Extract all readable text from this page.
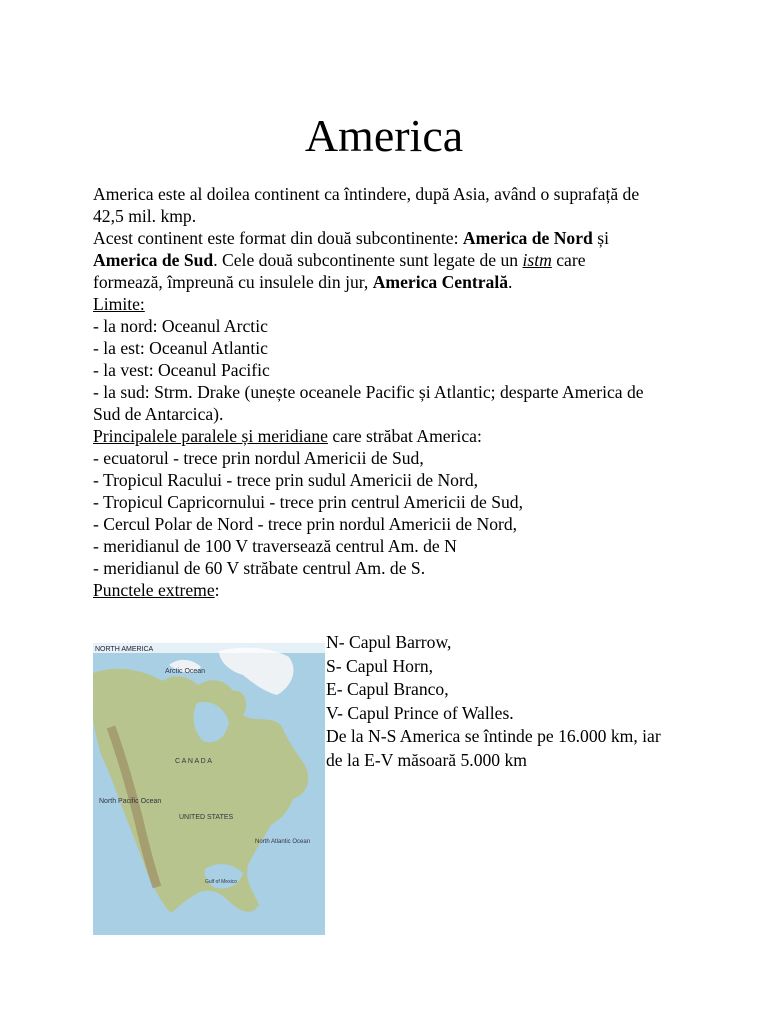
America

America este al doilea continent ca întindere, după Asia, având o suprafață de 42,5 mil. kmp.

Acest continent este format din două subcontinente: America de Nord și America de Sud. Cele două subcontinente sunt legate de un istm care formează, împreună cu insulele din jur, America Centrală.

Limite:

- la nord: Oceanul Arctic

- la est: Oceanul Atlantic

- la vest: Oceanul Pacific

- la sud: Strm. Drake (unește oceanele Pacific și Atlantic; desparte America de Sud de Antarcica).

Principalele paralele și meridiane care străbat America:

- ecuatorul - trece prin nordul Americii de Sud,

- Tropicul Racului - trece prin sudul Americii de Nord,

- Tropicul Capricornului - trece prin centrul Americii de Sud,

- Cercul Polar de Nord - trece prin nordul Americii de Nord,

- meridianul de 100 V traversează centrul Am. de N

- meridianul de 60 V străbate centrul Am. de S.

Punctele extreme:

NORTH AMERICA
Arctic Ocean
C A N A D A
North Pacific Ocean
UNITED STATES
North Atlantic Ocean
Gulf of Mexico

N- Capul Barrow,

S- Capul Horn,

E- Capul Branco,

V- Capul Prince of Walles.

De la N-S America se întinde pe 16.000 km, iar de la E-V măsoară 5.000 km
